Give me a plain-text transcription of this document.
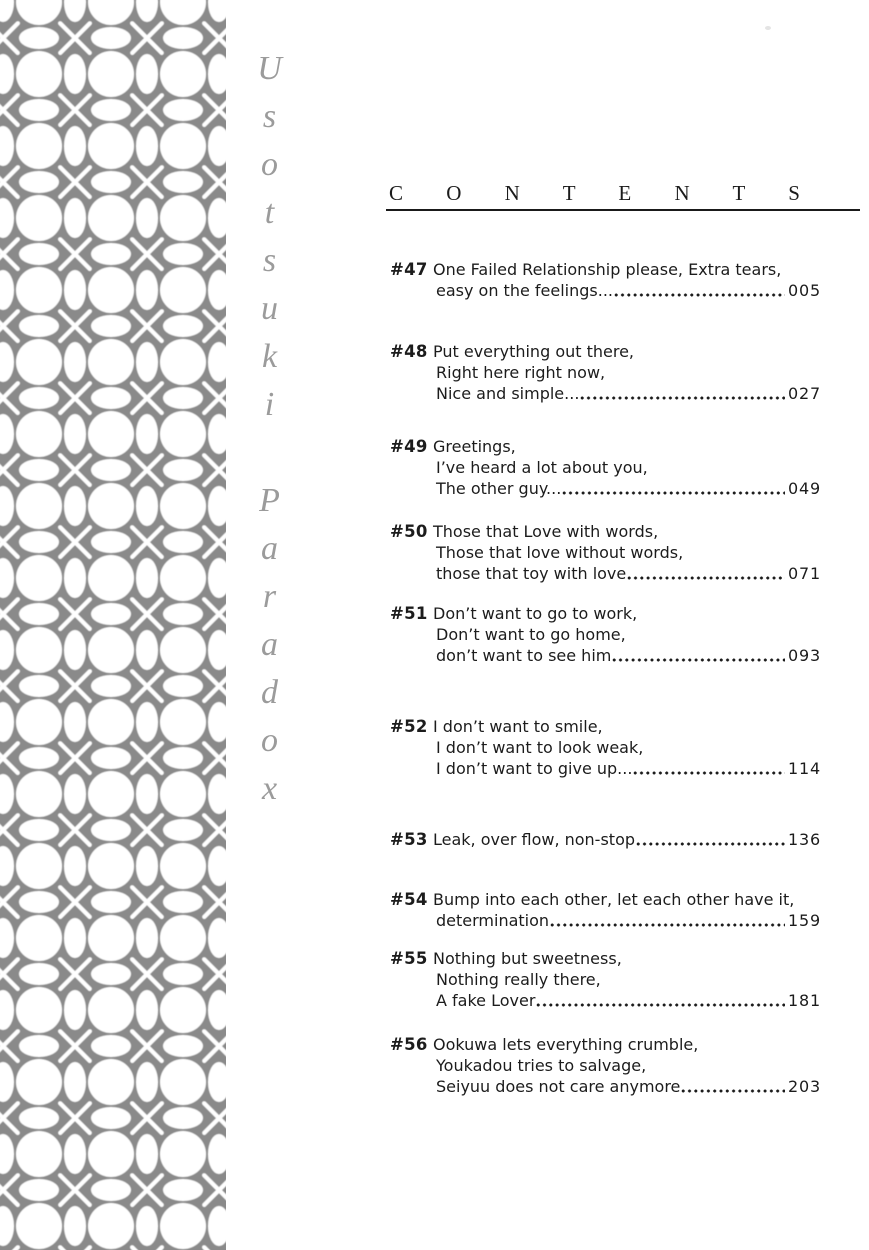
Usotsuki Paradox	C O N T E N T S
#47 One Failed Relationship please, Extra tears,
easy on the feelings...	005
#48 Put everything out there,
Right here right now,
Nice and simple...	027
#49 Greetings,
I’ve heard a lot about you,
The other guy...	049
#50 Those that Love with words,
Those that love without words,
those that toy with love	071
#51 Don’t want to go to work,
Don’t want to go home,
don’t want to see him	093
#52 I don’t want to smile,
I don’t want to look weak,
I don’t want to give up...	114
#53 Leak, over flow, non-stop	136
#54 Bump into each other, let each other have it,
determination	159
#55 Nothing but sweetness,
Nothing really there,
A fake Lover	181
#56 Ookuwa lets everything crumble,
Youkadou tries to salvage,
Seiyuu does not care anymore	203
